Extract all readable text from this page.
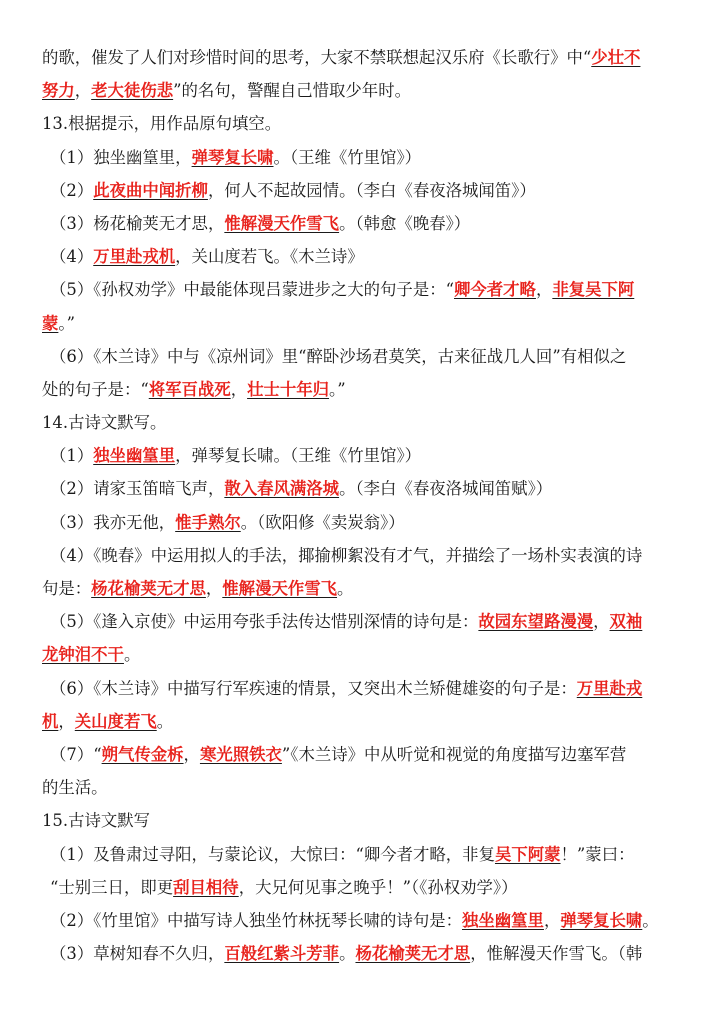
的歌，催发了人们对珍惜时间的思考，大家不禁联想起汉乐府《长歌行》中“少壮不
努力，老大徒伤悲”的名句，警醒自己惜取少年时。
13.根据提示，用作品原句填空。
（1）独坐幽篁里，弹琴复长啸。（王维《竹里馆》）
（2）此夜曲中闻折柳，何人不起故园情。（李白《春夜洛城闻笛》）
（3）杨花榆荚无才思，惟解漫天作雪飞。（韩愈《晚春》）
（4）万里赴戎机，关山度若飞。《木兰诗》
（5）《孙权劝学》中最能体现吕蒙进步之大的句子是：“卿今者才略，非复吴下阿
蒙。”
（6）《木兰诗》中与《凉州词》里“醉卧沙场君莫笑，古来征战几人回”有相似之
处的句子是：“将军百战死，壮士十年归。”
14.古诗文默写。
（1）独坐幽篁里，弹琴复长啸。（王维《竹里馆》）
（2）请家玉笛暗飞声，散入春风满洛城。（李白《春夜洛城闻笛赋》）
（3）我亦无他，惟手熟尔。（欧阳修《卖炭翁》）
（4）《晚春》中运用拟人的手法，揶揄柳絮没有才气，并描绘了一场朴实表演的诗
句是：杨花榆荚无才思，惟解漫天作雪飞。
（5）《逢入京使》中运用夸张手法传达惜别深情的诗句是：故园东望路漫漫，双袖
龙钟泪不干。
（6）《木兰诗》中描写行军疾速的情景，又突出木兰矫健雄姿的句子是：万里赴戎
机，关山度若飞。
（7）“朔气传金柝，寒光照铁衣”《木兰诗》中从听觉和视觉的角度描写边塞军营
的生活。
15.古诗文默写
（1）及鲁肃过寻阳，与蒙论议，大惊曰：“卿今者才略，非复吴下阿蒙！”蒙曰：
“士别三日，即更刮目相待，大兄何见事之晚乎！”（《孙权劝学》）
（2）《竹里馆》中描写诗人独坐竹林抚琴长啸的诗句是：独坐幽篁里，弹琴复长啸。
（3）草树知春不久归，百般红紫斗芳菲。杨花榆荚无才思，惟解漫天作雪飞。（韩
